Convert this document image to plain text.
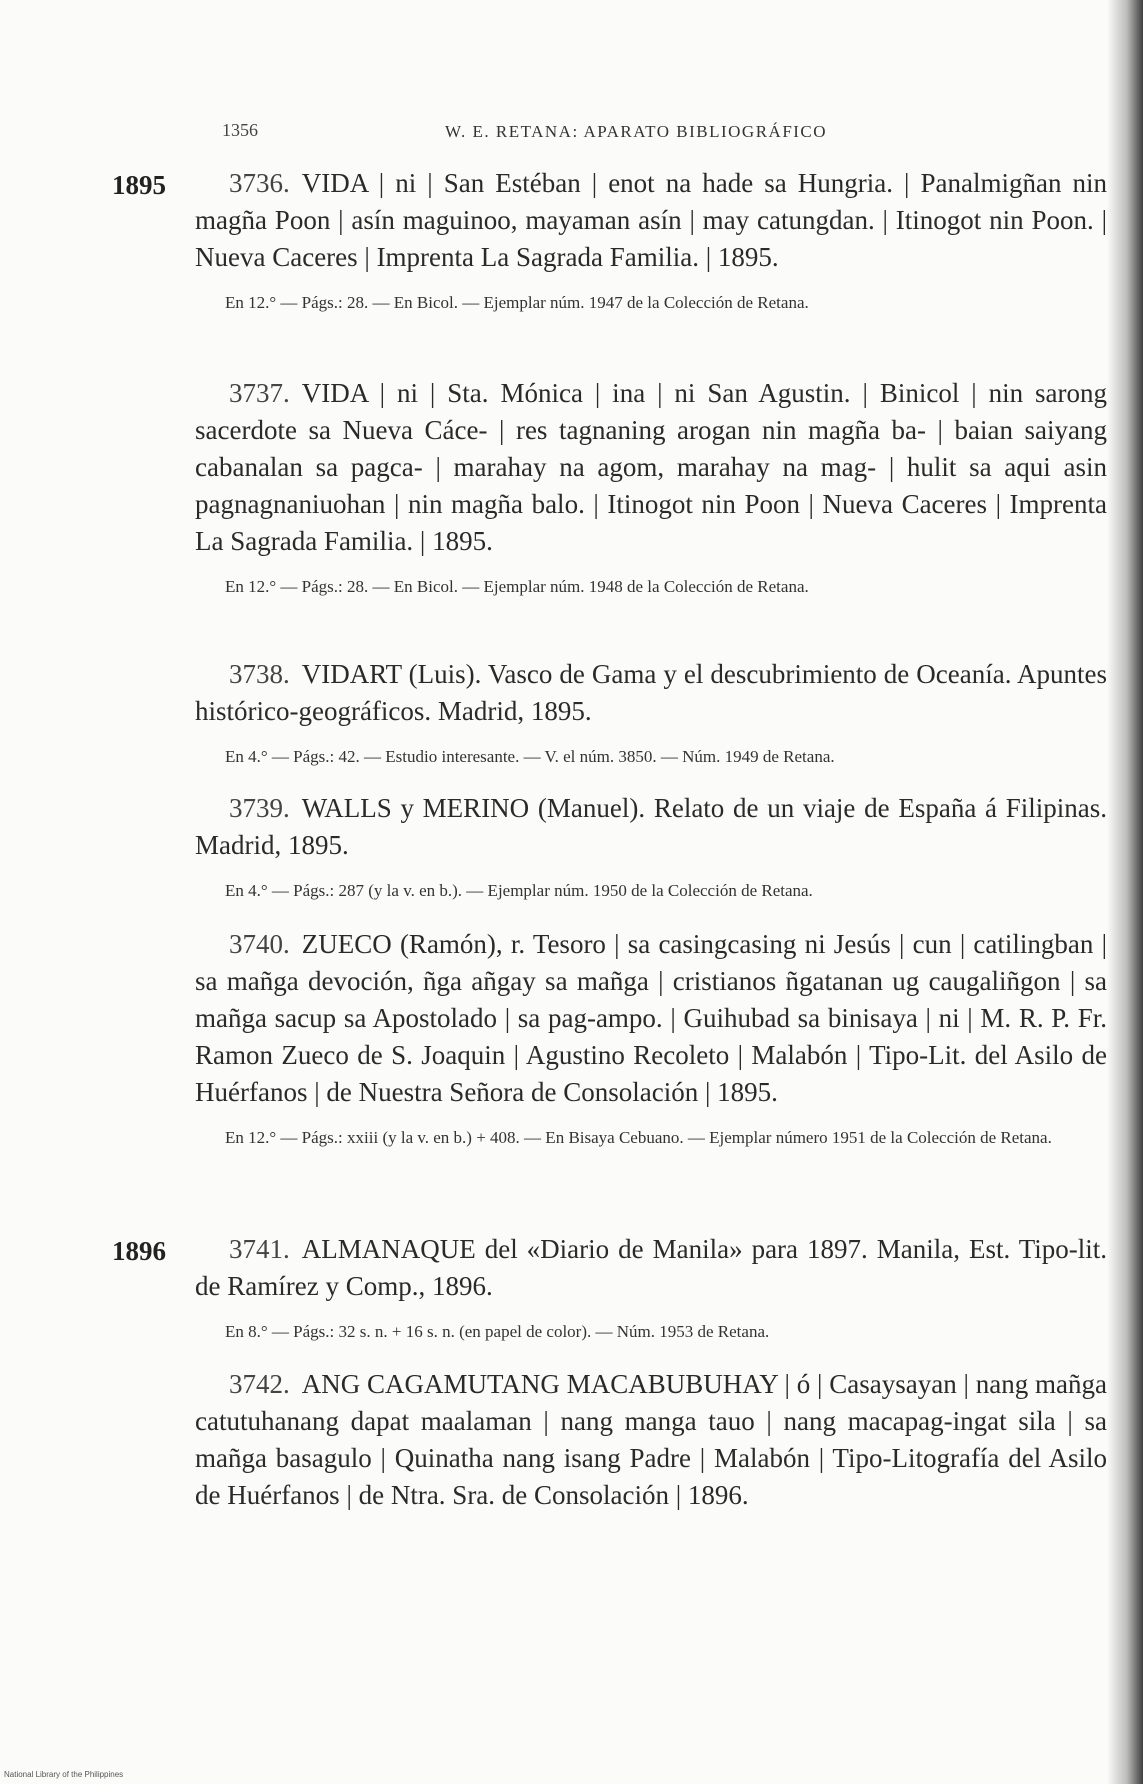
1356	W. E. RETANA: APARATO BIBLIOGRÁFICO
1895
1896

3736. VIDA | ni | San Estéban | enot na hade sa Hungria. | Panalmigñan nin magña Poon | asín maguinoo, mayaman asín | may catungdan. | Itinogot nin Poon. | Nueva Caceres | Imprenta La Sagrada Familia. | 1895.

En 12.° — Págs.: 28. — En Bicol. — Ejemplar núm. 1947 de la Colección de Retana.

3737. VIDA | ni | Sta. Mónica | ina | ni San Agustin. | Binicol | nin sarong sacerdote sa Nueva Cáce- | res tagnaning arogan nin magña ba- | baian saiyang cabanalan sa pagca- | marahay na agom, marahay na mag- | hulit sa aqui asin pagnagnaniuohan | nin magña balo. | Itinogot nin Poon | Nueva Caceres | Imprenta La Sagrada Familia. | 1895.

En 12.° — Págs.: 28. — En Bicol. — Ejemplar núm. 1948 de la Colección de Retana.

3738. VIDART (Luis). Vasco de Gama y el descubrimiento de Oceanía. Apuntes histórico-geográficos. Madrid, 1895.

En 4.° — Págs.: 42. — Estudio interesante. — V. el núm. 3850. — Núm. 1949 de Retana.

3739. WALLS y MERINO (Manuel). Relato de un viaje de España á Filipinas. Madrid, 1895.

En 4.° — Págs.: 287 (y la v. en b.). — Ejemplar núm. 1950 de la Colección de Retana.

3740. ZUECO (Ramón), r. Tesoro | sa casingcasing ni Jesús | cun | catilingban | sa mañga devoción, ñga añgay sa mañga | cristianos ñgatanan ug caugaliñgon | sa mañga sacup sa Apostolado | sa pag-ampo. | Guihubad sa binisaya | ni | M. R. P. Fr. Ramon Zueco de S. Joaquin | Agustino Recoleto | Malabón | Tipo-Lit. del Asilo de Huérfanos | de Nuestra Señora de Consolación | 1895.

En 12.° — Págs.: xxiii (y la v. en b.) + 408. — En Bisaya Cebuano. — Ejemplar número 1951 de la Colección de Retana.

3741. ALMANAQUE del «Diario de Manila» para 1897. Manila, Est. Tipo-lit. de Ramírez y Comp., 1896.

En 8.° — Págs.: 32 s. n. + 16 s. n. (en papel de color). — Núm. 1953 de Retana.

3742. ANG CAGAMUTANG MACABUBUHAY | ó | Casaysayan | nang mañga catutuhanang dapat maalaman | nang manga tauo | nang macapag-ingat sila | sa mañga basagulo | Quinatha nang isang Padre | Malabón | Tipo-Litografía del Asilo de Huérfanos | de Ntra. Sra. de Consolación | 1896.

National Library of the Philippines
